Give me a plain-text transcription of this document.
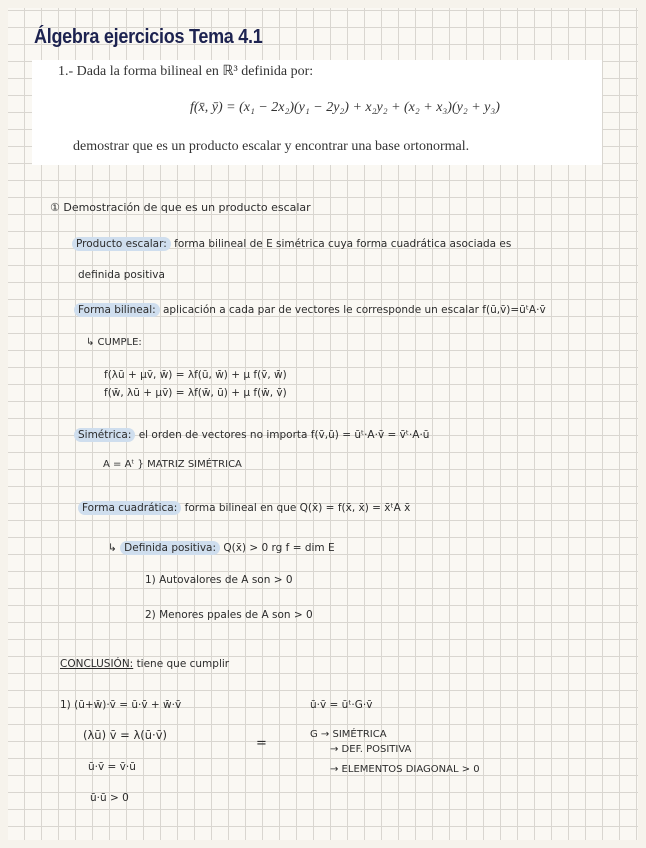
Álgebra ejercicios Tema 4.1
1.- Dada la forma bilineal en ℝ³ definida por:
f(x̄, ȳ) = (x₁ − 2x₂)(y₁ − 2y₂) + x₂y₂ + (x₂ + x₃)(y₂ + y₃)
demostrar que es un producto escalar y encontrar una base ortonormal.
① Demostración de que es un producto escalar
Producto escalar: forma bilineal de E simétrica cuya forma cuadrática asociada es
definida positiva
Forma bilineal: aplicación a cada par de vectores le corresponde un escalar f(ū,v̄)=ūᵗA·v̄
↳ CUMPLE:
f(λū + μv̄, w̄) = λf(ū, w̄) + μ f(v̄, w̄)
f(w̄, λū + μv̄) = λf(w̄, ū) + μ f(w̄, v̄)
Simétrica: el orden de vectores no importa f(v̄,ū) = ūᵗ·A·v̄ = v̄ᵗ·A·ū
A = Aᵗ } MATRIZ SIMÉTRICA
Forma cuadrática: forma bilineal en que Q(x̄) = f(x̄, x̄) = x̄ᵗA x̄
↳ Definida positiva: Q(x̄) > 0 rg f = dim E
1) Autovalores de A son > 0
2) Menores ppales de A son > 0
CONCLUSIÓN: tiene que cumplir
1) (ū+w̄)·v̄ = ū·v̄ + w̄·v̄
(λū) v̄ = λ(ū·v̄)
ū·v̄ = v̄·ū
ū·ū > 0
=
ū·v̄ = ūᵗ·G·v̄
G → SIMÉTRICA
→ DEF. POSITIVA
→ ELEMENTOS DIAGONAL > 0
